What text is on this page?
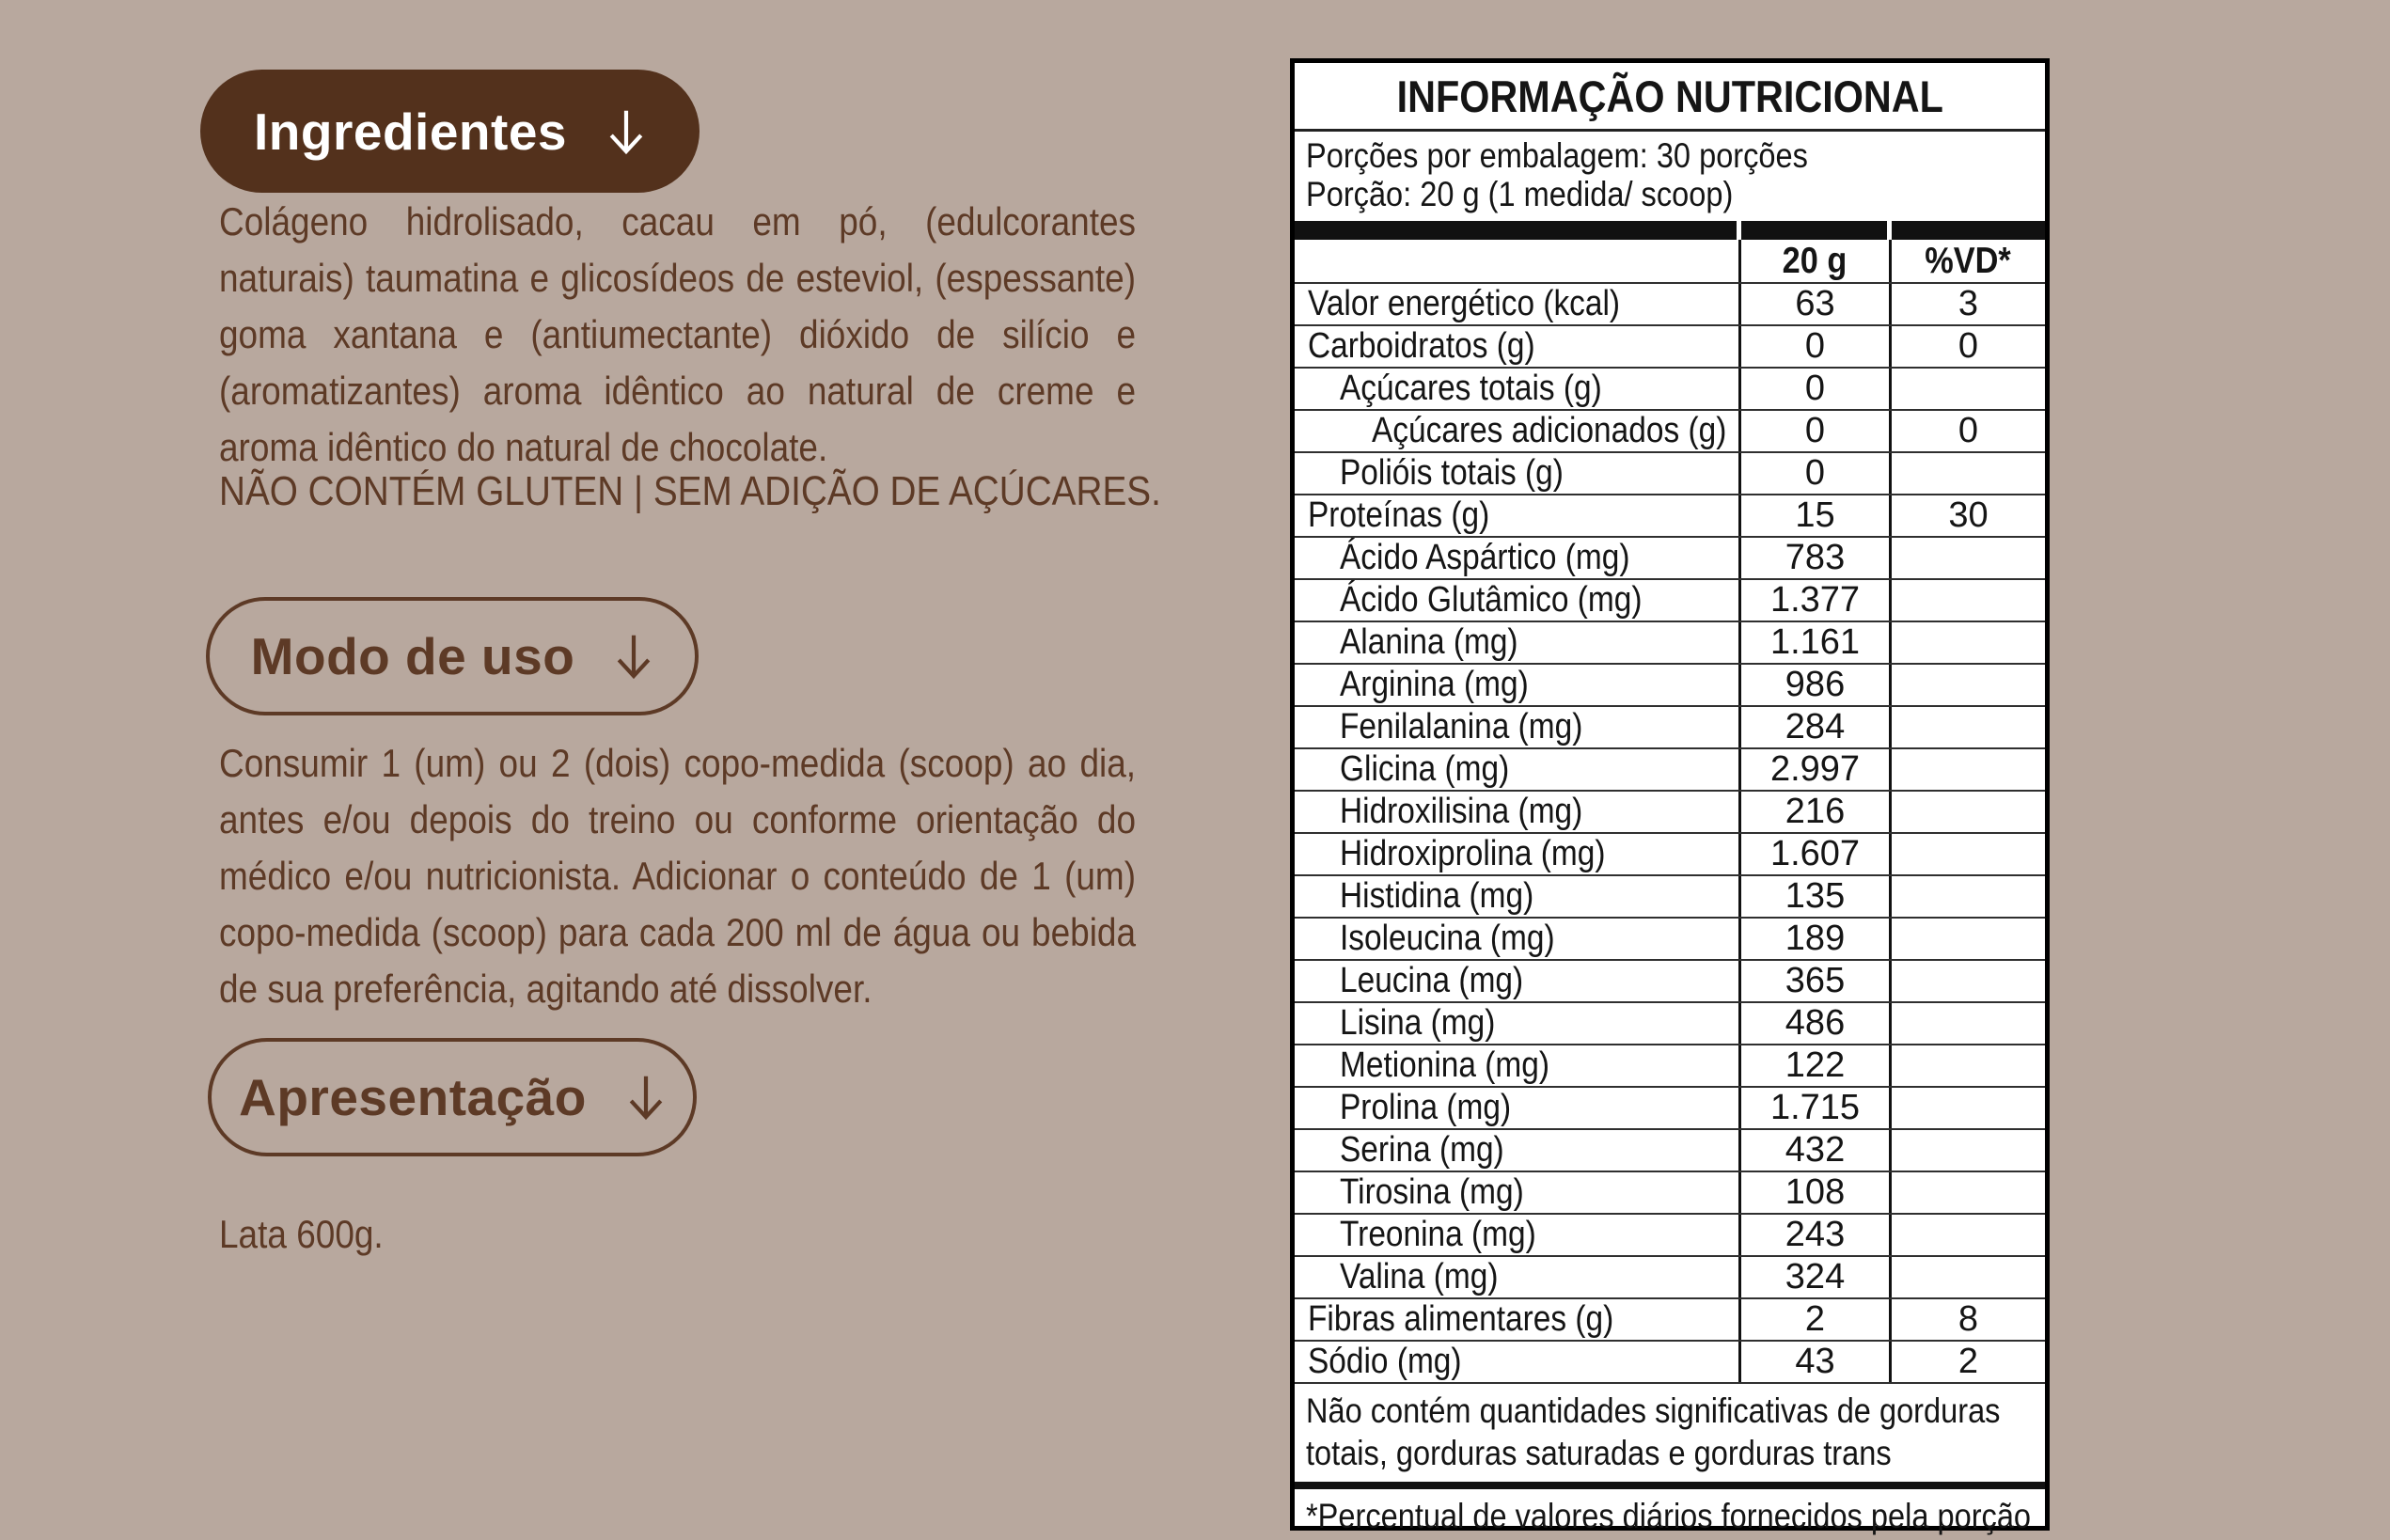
Ingredientes
Colágeno hidrolisado, cacau em pó, (edulcorantes naturais) taumatina e glicosídeos de esteviol, (espessante) goma xantana e (antiumectante) dióxido de silício e (aromatizantes) aroma idêntico ao natural de creme e aroma idêntico do natural de chocolate.
NÃO CONTÉM GLUTEN | SEM ADIÇÃO DE AÇÚCARES.
Modo de uso
Consumir 1 (um) ou 2 (dois) copo-medida (scoop) ao dia, antes e/ou depois do treino ou conforme orientação do médico e/ou nutricionista. Adicionar o conteúdo de 1 (um) copo-medida (scoop) para cada 200 ml de água ou bebida de sua preferência, agitando até dissolver.
Apresentação
Lata 600g.
INFORMAÇÃO NUTRICIONAL
Porções por embalagem: 30 porções
Porção: 20 g (1 medida/ scoop)
20 g %VD*
Valor energético (kcal)	63	3
Carboidratos (g)	0	0
Açúcares totais (g)	0
Açúcares adicionados (g)	0	0
Polióis totais (g)	0
Proteínas (g)	15	30
Ácido Aspártico (mg)	783
Ácido Glutâmico (mg)	1.377
Alanina (mg)	1.161
Arginina (mg)	986
Fenilalanina (mg)	284
Glicina (mg)	2.997
Hidroxilisina (mg)	216
Hidroxiprolina (mg)	1.607
Histidina (mg)	135
Isoleucina (mg)	189
Leucina (mg)	365
Lisina (mg)	486
Metionina (mg)	122
Prolina (mg)	1.715
Serina (mg)	432
Tirosina (mg)	108
Treonina (mg)	243
Valina (mg)	324
Fibras alimentares (g)	2	8
Sódio (mg)	43	2
Não contém quantidades significativas de gorduras totais, gorduras saturadas e gorduras trans
*Percentual de valores diários fornecidos pela porção
